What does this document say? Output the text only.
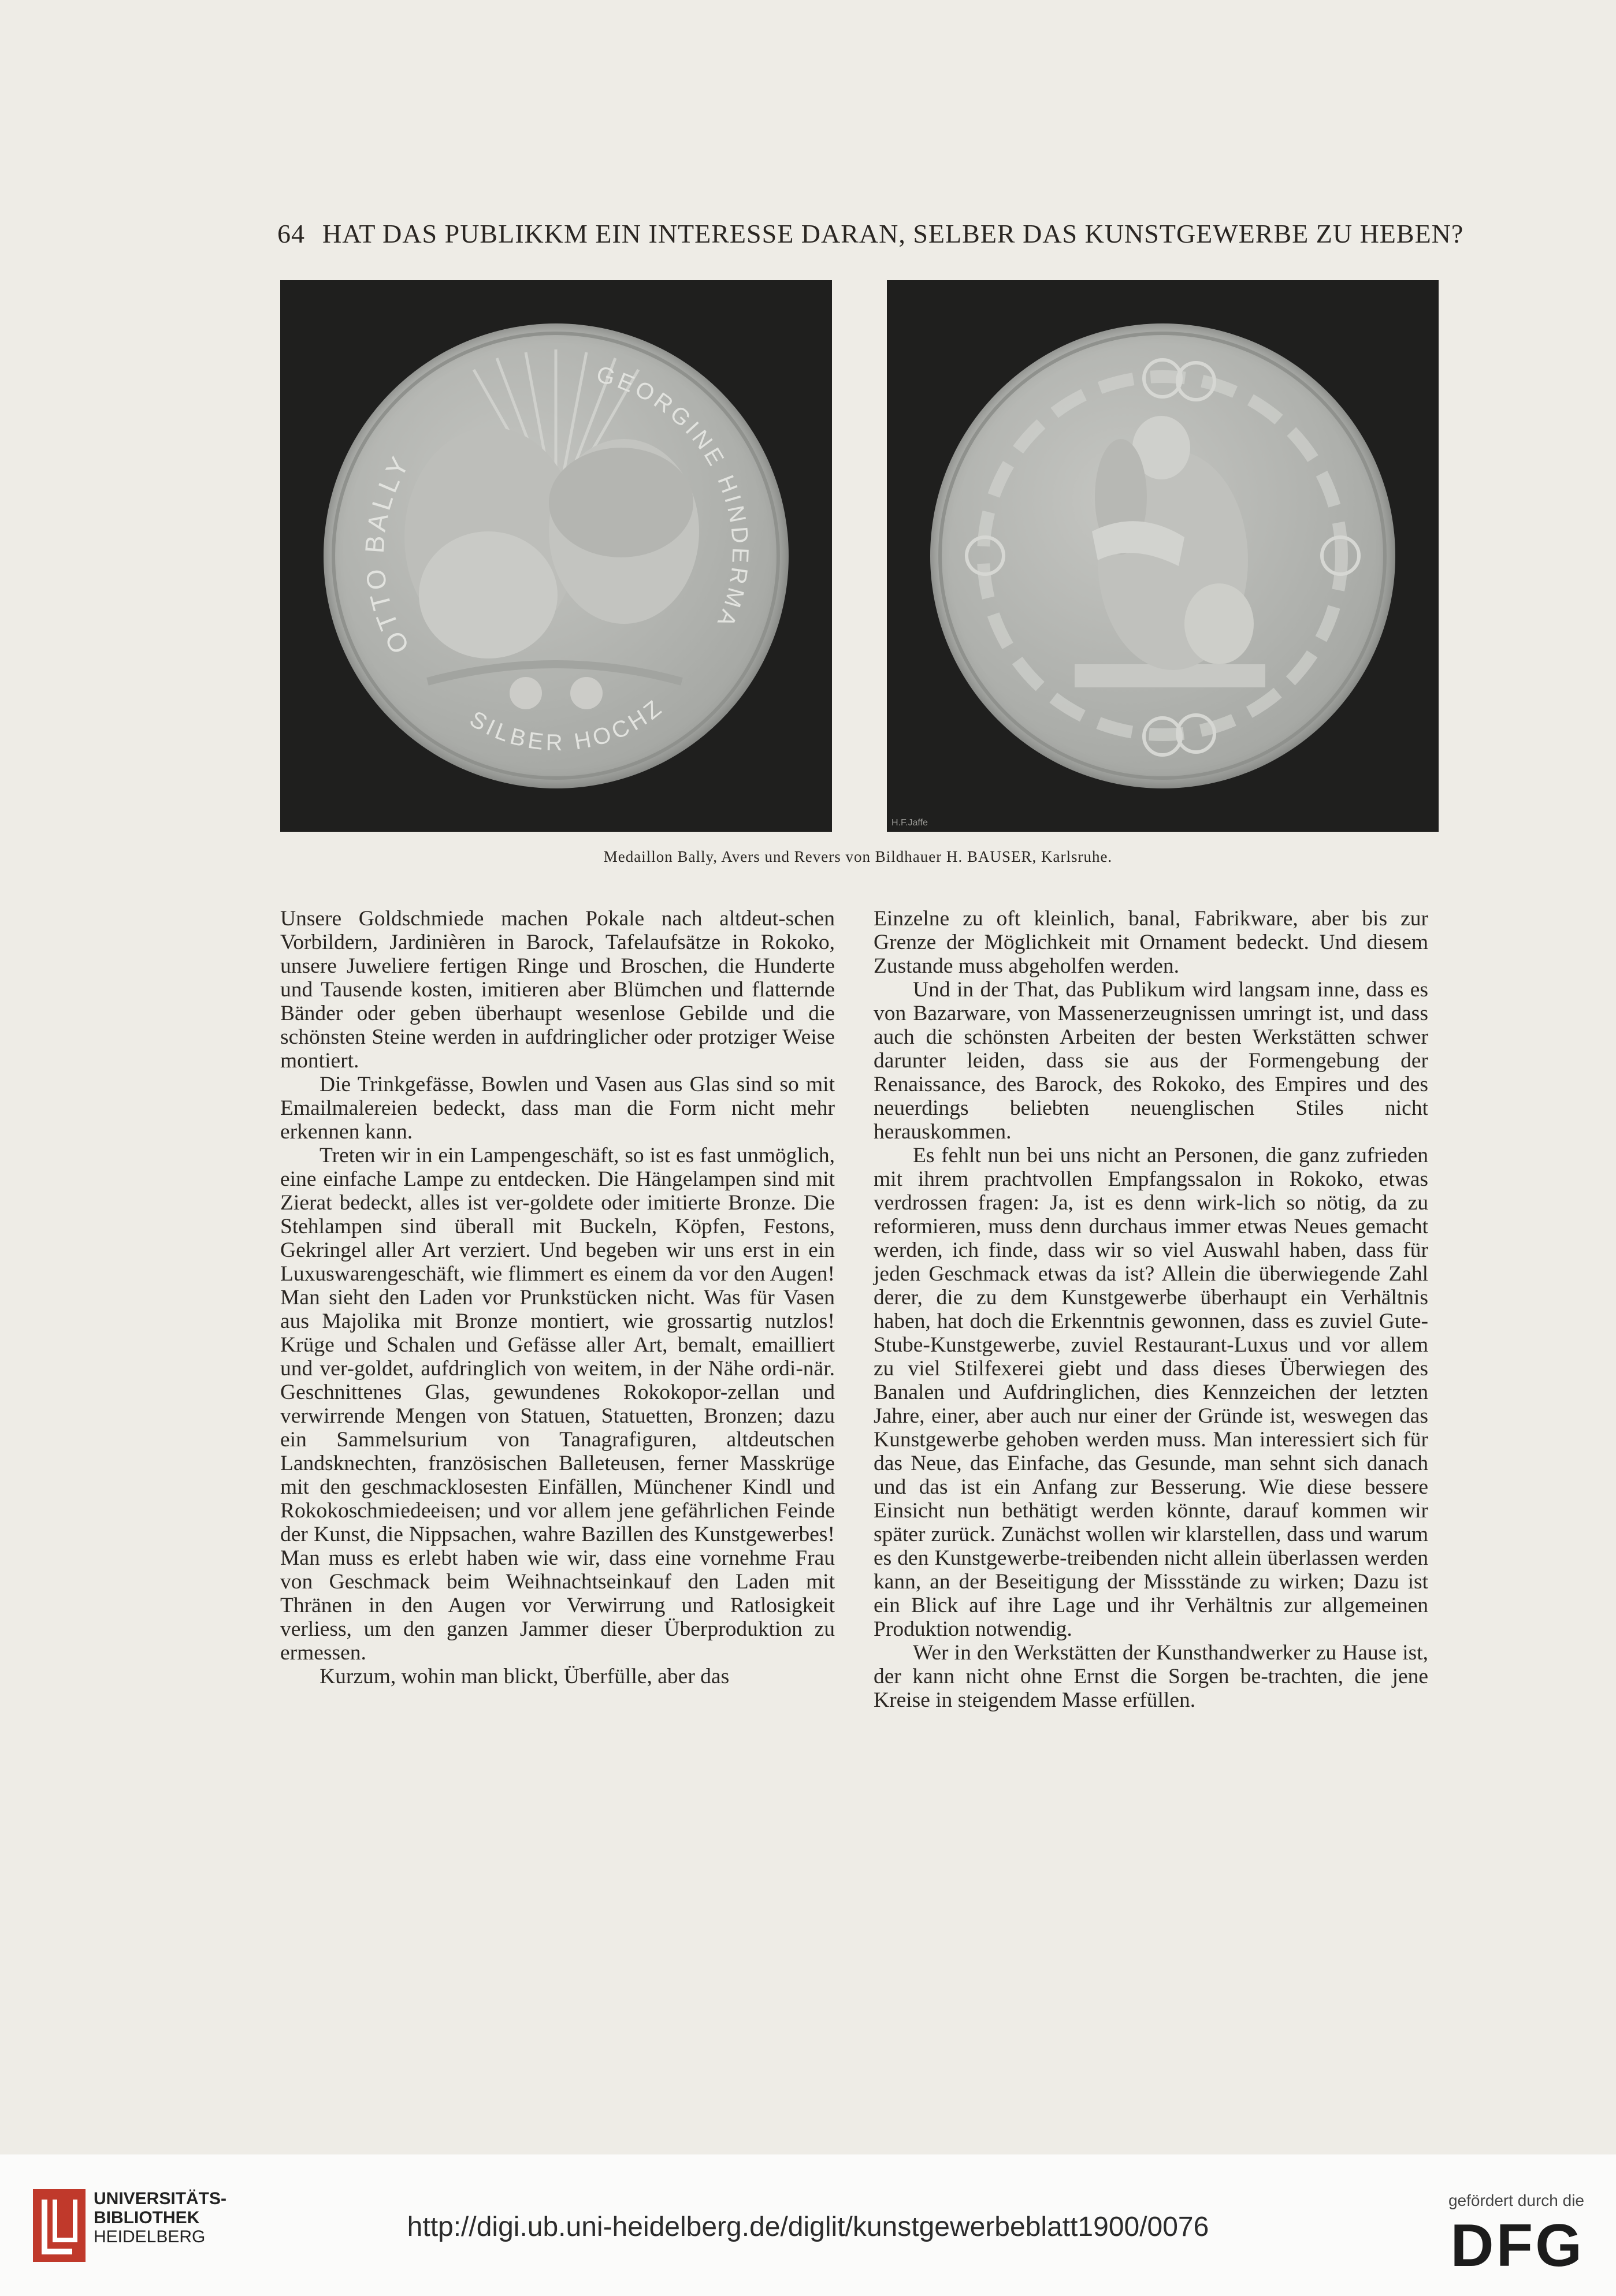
64 HAT DAS PUBLIKKM EIN INTERESSE DARAN, SELBER DAS KUNSTGEWERBE ZU HEBEN?
OTTO BALLY
GEORGINE HINDERMA
SILBER HOCHZ
H.F.Jaffe
Medaillon Bally, Avers und Revers von Bildhauer H. BAUSER, Karlsruhe.

Unsere Goldschmiede machen Pokale nach altdeut-schen Vorbildern, Jardinièren in Barock, Tafelaufsätze in Rokoko, unsere Juweliere fertigen Ringe und Broschen, die Hunderte und Tausende kosten, imitieren aber Blümchen und flatternde Bänder oder geben überhaupt wesenlose Gebilde und die schönsten Steine werden in aufdringlicher oder protziger Weise montiert.

Die Trinkgefässe, Bowlen und Vasen aus Glas sind so mit Emailmalereien bedeckt, dass man die Form nicht mehr erkennen kann.

Treten wir in ein Lampengeschäft, so ist es fast unmöglich, eine einfache Lampe zu entdecken. Die Hängelampen sind mit Zierat bedeckt, alles ist ver-goldete oder imitierte Bronze. Die Stehlampen sind überall mit Buckeln, Köpfen, Festons, Gekringel aller Art verziert. Und begeben wir uns erst in ein Luxuswarengeschäft, wie flimmert es einem da vor den Augen! Man sieht den Laden vor Prunkstücken nicht. Was für Vasen aus Majolika mit Bronze montiert, wie grossartig nutzlos! Krüge und Schalen und Gefässe aller Art, bemalt, emailliert und ver-goldet, aufdringlich von weitem, in der Nähe ordi-när. Geschnittenes Glas, gewundenes Rokokopor-zellan und verwirrende Mengen von Statuen, Statuetten, Bronzen; dazu ein Sammelsurium von Tanagrafiguren, altdeutschen Landsknechten, französischen Balleteusen, ferner Masskrüge mit den geschmacklosesten Einfällen, Münchener Kindl und Rokokoschmiedeeisen; und vor allem jene gefährlichen Feinde der Kunst, die Nippsachen, wahre Bazillen des Kunstgewerbes! Man muss es erlebt haben wie wir, dass eine vornehme Frau von Geschmack beim Weihnachtseinkauf den Laden mit Thränen in den Augen vor Verwirrung und Ratlosigkeit verliess, um den ganzen Jammer dieser Überproduktion zu ermessen.

Kurzum, wohin man blickt, Überfülle, aber das

Einzelne zu oft kleinlich, banal, Fabrikware, aber bis zur Grenze der Möglichkeit mit Ornament bedeckt. Und diesem Zustande muss abgeholfen werden.

Und in der That, das Publikum wird langsam inne, dass es von Bazarware, von Massenerzeugnissen umringt ist, und dass auch die schönsten Arbeiten der besten Werkstätten schwer darunter leiden, dass sie aus der Formengebung der Renaissance, des Barock, des Rokoko, des Empires und des neuerdings beliebten neuenglischen Stiles nicht herauskommen.

Es fehlt nun bei uns nicht an Personen, die ganz zufrieden mit ihrem prachtvollen Empfangssalon in Rokoko, etwas verdrossen fragen: Ja, ist es denn wirk-lich so nötig, da zu reformieren, muss denn durchaus immer etwas Neues gemacht werden, ich finde, dass wir so viel Auswahl haben, dass für jeden Geschmack etwas da ist? Allein die überwiegende Zahl derer, die zu dem Kunstgewerbe überhaupt ein Verhältnis haben, hat doch die Erkenntnis gewonnen, dass es zuviel Gute-Stube-Kunstgewerbe, zuviel Restaurant-Luxus und vor allem zu viel Stilfexerei giebt und dass dieses Überwiegen des Banalen und Aufdringlichen, dies Kennzeichen der letzten Jahre, einer, aber auch nur einer der Gründe ist, weswegen das Kunstgewerbe gehoben werden muss. Man interessiert sich für das Neue, das Einfache, das Gesunde, man sehnt sich danach und das ist ein Anfang zur Besserung. Wie diese bessere Einsicht nun bethätigt werden könnte, darauf kommen wir später zurück. Zunächst wollen wir klarstellen, dass und warum es den Kunstgewerbe-treibenden nicht allein überlassen werden kann, an der Beseitigung der Missstände zu wirken; Dazu ist ein Blick auf ihre Lage und ihr Verhältnis zur allgemeinen Produktion notwendig.

Wer in den Werkstätten der Kunsthandwerker zu Hause ist, der kann nicht ohne Ernst die Sorgen be-trachten, die jene Kreise in steigendem Masse erfüllen.

UNIVERSITÄTS-
BIBLIOTHEK
HEIDELBERG	http://digi.ub.uni-heidelberg.de/diglit/kunstgewerbeblatt1900/0076
gefördert durch die
DFG
